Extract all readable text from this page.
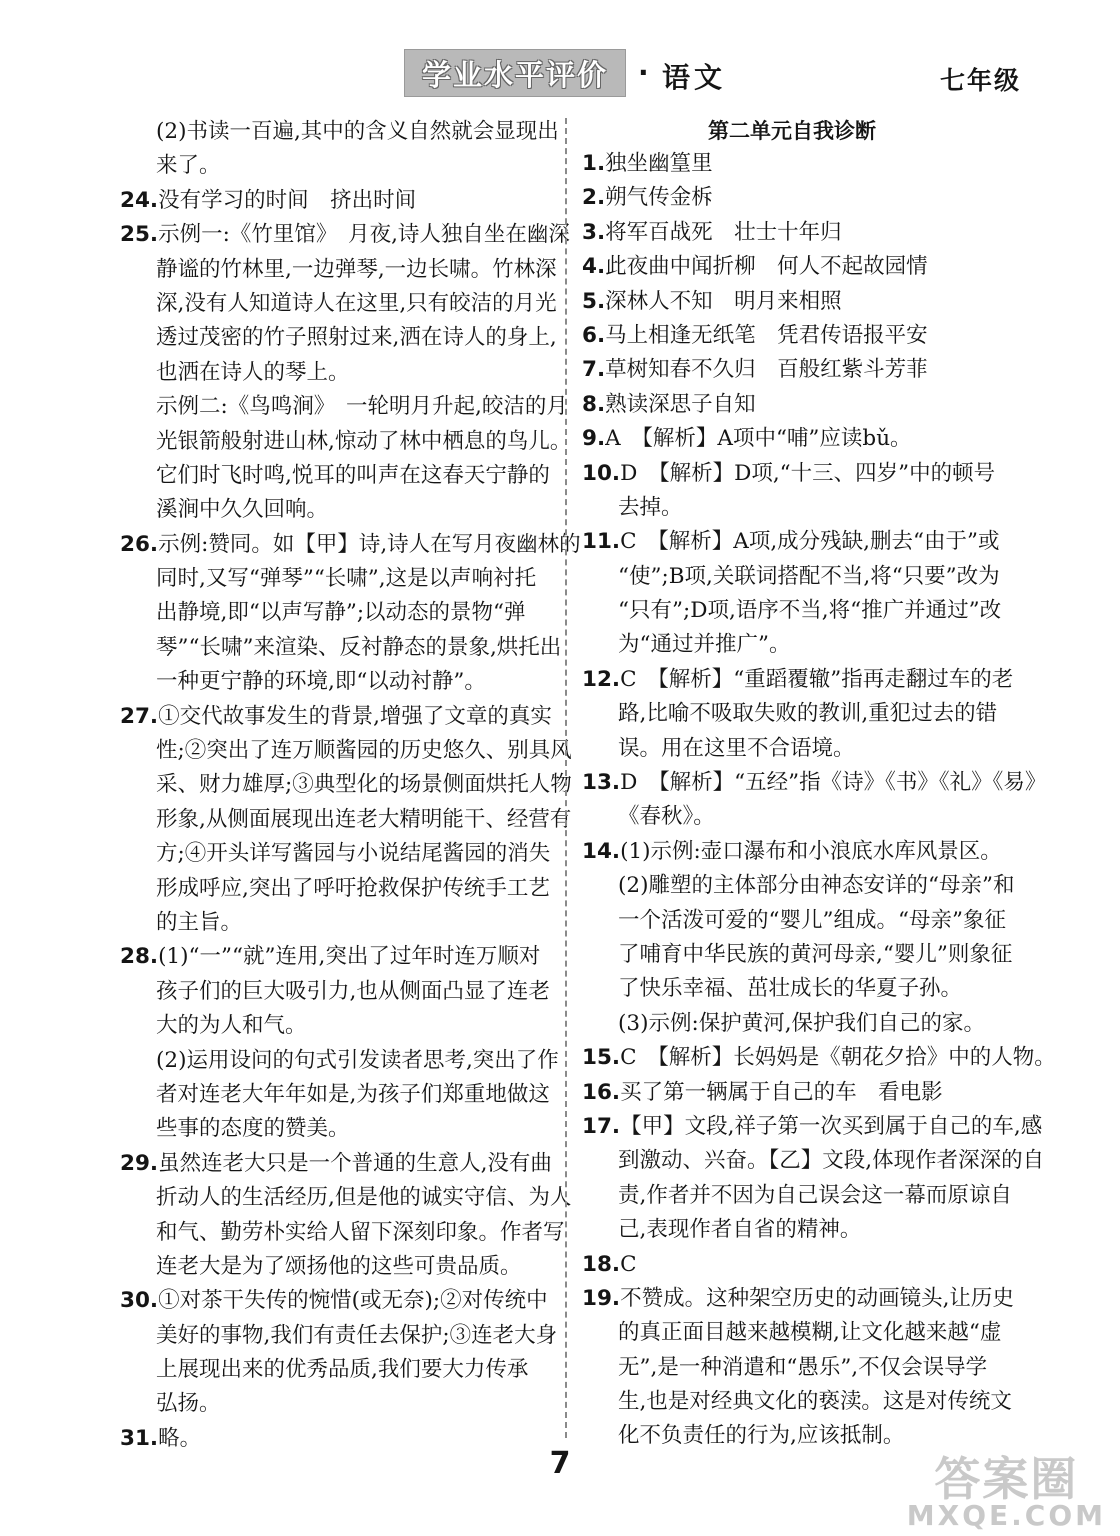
学业水平评价 · 语文	七年级
(2)书读一百遍,其中的含义自然就会显现出
来了。
24.没有学习的时间　挤出时间
25.示例一:《竹里馆》　月夜,诗人独自坐在幽深
静谧的竹林里,一边弹琴,一边长啸。竹林深
深,没有人知道诗人在这里,只有皎洁的月光
透过茂密的竹子照射过来,洒在诗人的身上,
也洒在诗人的琴上。
示例二:《鸟鸣涧》　一轮明月升起,皎洁的月
光银箭般射进山林,惊动了林中栖息的鸟儿。
它们时飞时鸣,悦耳的叫声在这春天宁静的
溪涧中久久回响。
26.示例:赞同。如【甲】诗,诗人在写月夜幽林的
同时,又写“弹琴”“长啸”,这是以声响衬托
出静境,即“以声写静”;以动态的景物“弹
琴”“长啸”来渲染、反衬静态的景象,烘托出
一种更宁静的环境,即“以动衬静”。
27.①交代故事发生的背景,增强了文章的真实
性;②突出了连万顺酱园的历史悠久、别具风
采、财力雄厚;③典型化的场景侧面烘托人物
形象,从侧面展现出连老大精明能干、经营有
方;④开头详写酱园与小说结尾酱园的消失
形成呼应,突出了呼吁抢救保护传统手工艺
的主旨。
28.(1)“一”“就”连用,突出了过年时连万顺对
孩子们的巨大吸引力,也从侧面凸显了连老
大的为人和气。
(2)运用设问的句式引发读者思考,突出了作
者对连老大年年如是,为孩子们郑重地做这
些事的态度的赞美。
29.虽然连老大只是一个普通的生意人,没有曲
折动人的生活经历,但是他的诚实守信、为人
和气、勤劳朴实给人留下深刻印象。作者写
连老大是为了颂扬他的这些可贵品质。
30.①对茶干失传的惋惜(或无奈);②对传统中
美好的事物,我们有责任去保护;③连老大身
上展现出来的优秀品质,我们要大力传承
弘扬。
31.略。
第二单元自我诊断
1.独坐幽篁里
2.朔气传金柝
3.将军百战死　壮士十年归
4.此夜曲中闻折柳　何人不起故园情
5.深林人不知　明月来相照
6.马上相逢无纸笔　凭君传语报平安
7.草树知春不久归　百般红紫斗芳菲
8.熟读深思子自知
9.A　【解析】A项中“哺”应读bǔ。
10.D　【解析】D项,“十三、四岁”中的顿号
去掉。
11.C　【解析】A项,成分残缺,删去“由于”或
“使”;B项,关联词搭配不当,将“只要”改为
“只有”;D项,语序不当,将“推广并通过”改
为“通过并推广”。
12.C　【解析】“重蹈覆辙”指再走翻过车的老
路,比喻不吸取失败的教训,重犯过去的错
误。用在这里不合语境。
13.D　【解析】“五经”指《诗》《书》《礼》《易》
《春秋》。
14.(1)示例:壶口瀑布和小浪底水库风景区。
(2)雕塑的主体部分由神态安详的“母亲”和
一个活泼可爱的“婴儿”组成。“母亲”象征
了哺育中华民族的黄河母亲,“婴儿”则象征
了快乐幸福、茁壮成长的华夏子孙。
(3)示例:保护黄河,保护我们自己的家。
15.C　【解析】长妈妈是《朝花夕拾》中的人物。
16.买了第一辆属于自己的车　看电影
17.【甲】文段,祥子第一次买到属于自己的车,感
到激动、兴奋。【乙】文段,体现作者深深的自
责,作者并不因为自己误会这一幕而原谅自
己,表现作者自省的精神。
18.C
19.不赞成。这种架空历史的动画镜头,让历史
的真正面目越来越模糊,让文化越来越“虚
无”,是一种消遣和“愚乐”,不仅会误导学
生,也是对经典文化的亵渎。这是对传统文
化不负责任的行为,应该抵制。
7	答案圈
MXQE.COM
